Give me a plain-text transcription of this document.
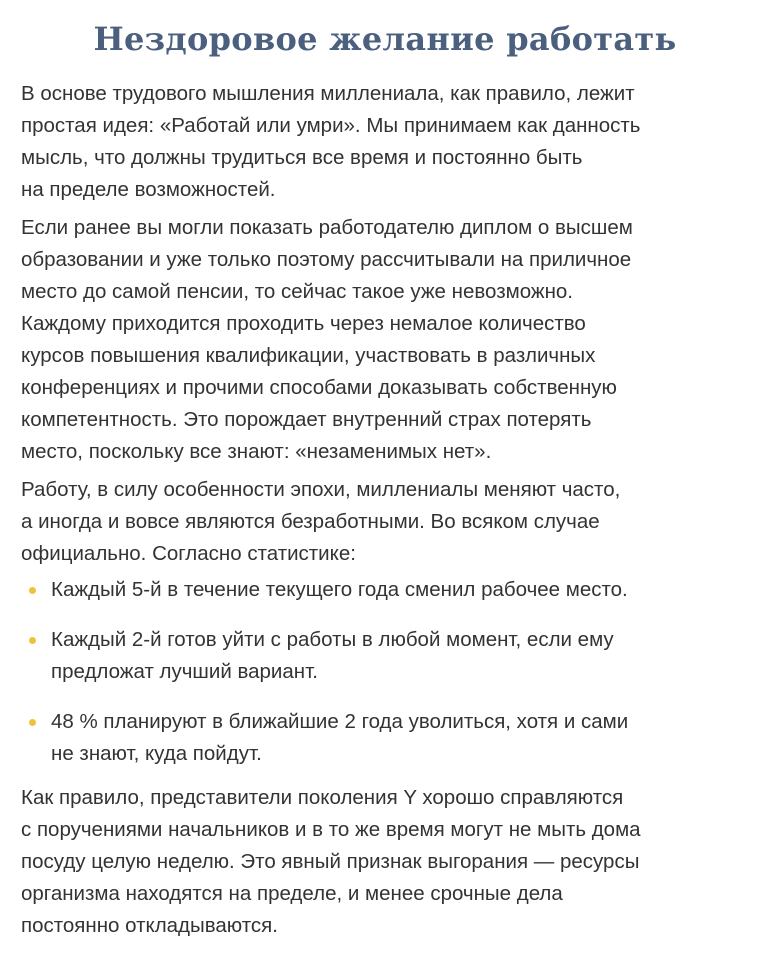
Нездоровое желание работать

В основе трудового мышления миллениала, как правило, лежит
простая идея: «Работай или умри». Мы принимаем как данность
мысль, что должны трудиться все время и постоянно быть
на пределе возможностей.

Если ранее вы могли показать работодателю диплом о высшем
образовании и уже только поэтому рассчитывали на приличное
место до самой пенсии, то сейчас такое уже невозможно.
Каждому приходится проходить через немалое количество
курсов повышения квалификации, участвовать в различных
конференциях и прочими способами доказывать собственную
компетентность. Это порождает внутренний страх потерять
место, поскольку все знают: «незаменимых нет».

Работу, в силу особенности эпохи, миллениалы меняют часто,
а иногда и вовсе являются безработными. Во всяком случае
официально. Согласно статистике:

Каждый 5-й в течение текущего года сменил рабочее место.
Каждый 2-й готов уйти с работы в любой момент, если ему
предложат лучший вариант.
48 % планируют в ближайшие 2 года уволиться, хотя и сами
не знают, куда пойдут.

Как правило, представители поколения Y хорошо справляются
с поручениями начальников и в то же время могут не мыть дома
посуду целую неделю. Это явный признак выгорания — ресурсы
организма находятся на пределе, и менее срочные дела
постоянно откладываются.
